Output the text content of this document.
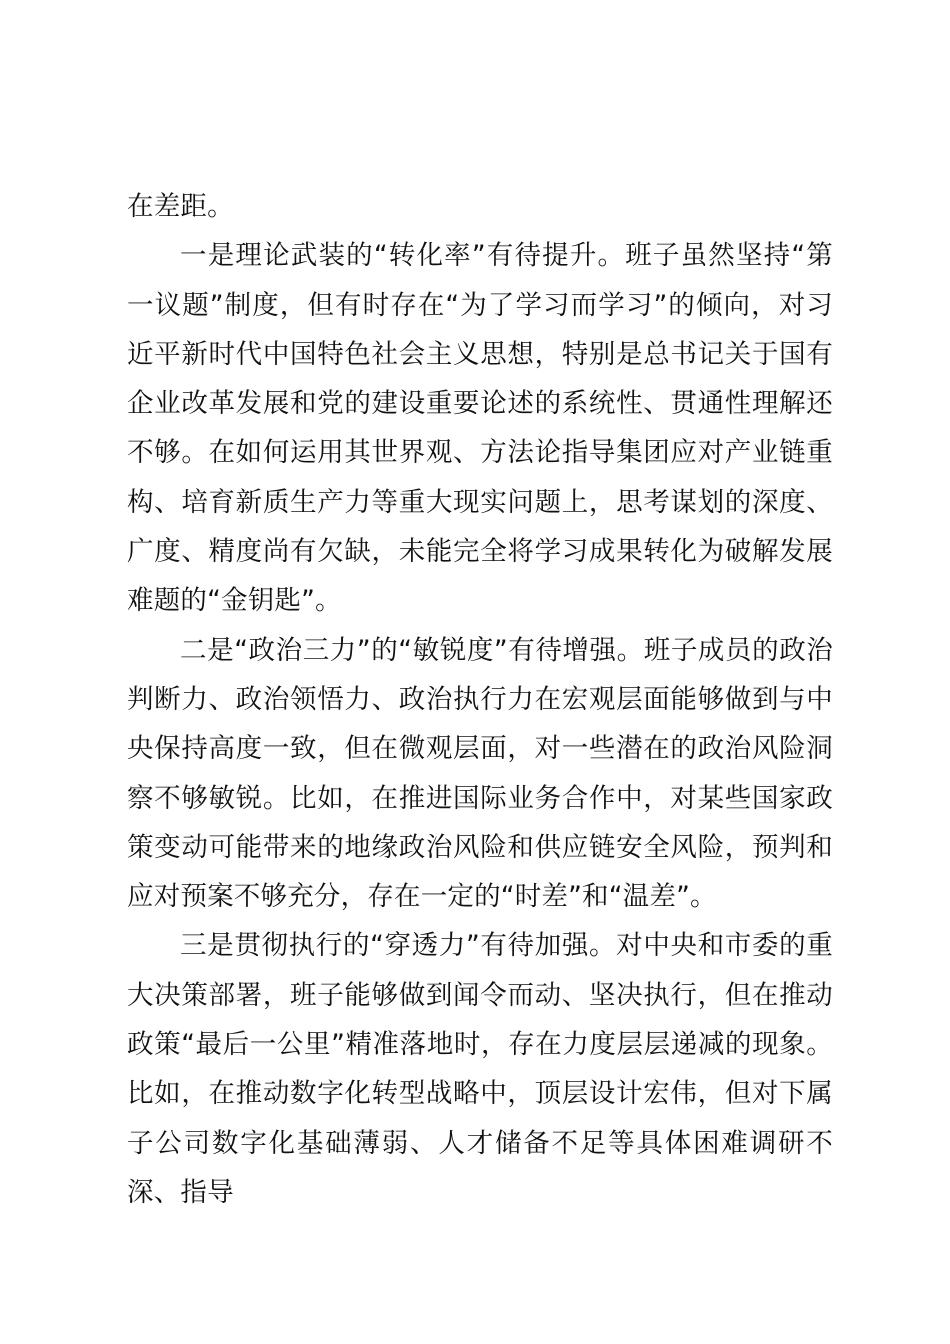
在差距。

一是理论武装的“转化率”有待提升。班子虽然坚持“第一议题”制度，但有时存在“为了学习而学习”的倾向，对习近平新时代中国特色社会主义思想，特别是总书记关于国有企业改革发展和党的建设重要论述的系统性、贯通性理解还不够。在如何运用其世界观、方法论指导集团应对产业链重构、培育新质生产力等重大现实问题上，思考谋划的深度、广度、精度尚有欠缺，未能完全将学习成果转化为破解发展难题的“金钥匙”。

二是“政治三力”的“敏锐度”有待增强。班子成员的政治判断力、政治领悟力、政治执行力在宏观层面能够做到与中央保持高度一致，但在微观层面，对一些潜在的政治风险洞察不够敏锐。比如，在推进国际业务合作中，对某些国家政策变动可能带来的地缘政治风险和供应链安全风险，预判和应对预案不够充分，存在一定的“时差”和“温差”。

三是贯彻执行的“穿透力”有待加强。对中央和市委的重大决策部署，班子能够做到闻令而动、坚决执行，但在推动政策“最后一公里”精准落地时，存在力度层层递减的现象。比如，在推动数字化转型战略中，顶层设计宏伟，但对下属子公司数字化基础薄弱、人才储备不足等具体困难调研不深、指导
